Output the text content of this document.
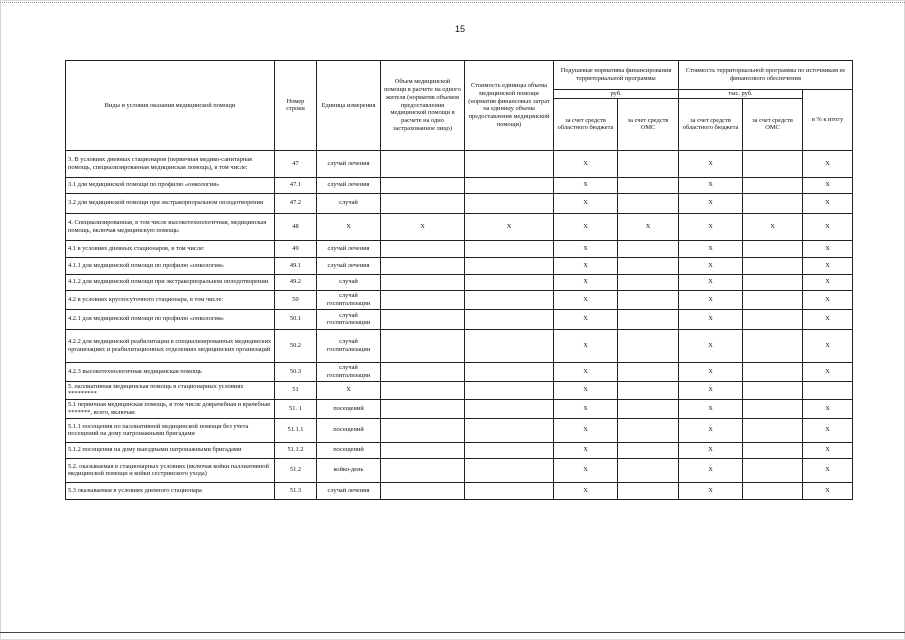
15
Виды и условия оказания медицинской помощи	Номер строки	Единица измерения	Объем медицинской помощи в расчете на одного жителя (норматив объемов предоставления медицинской помощи в расчете на одно застрахованное лицо)	Стоимость единицы объема медицинской помощи (норматив финансовых затрат на единицу объема предоставления медицинской помощи)	Подушевые нормативы финансирования территориальной программы		Стоимость территориальной программы по источникам ее финансового обеспечения		
					руб.		тыс. руб.		в % к итогу
					за счет средств областного бюджета	за счет средств ОМС	за счет средств областного бюджета	за счет средств ОМС	
3. В условиях дневных стационаров (первичная медико-санитарная помощь, специализированная медицинская помощь), в том числе:	47	случай лечения			X		X		X
3.1 для медицинской помощи по профилю «онкология»	47.1	случай лечения			X		X		X
3.2 для медицинской помощи при экстракорпоральном оплодотворении	47.2	случай			X		X		X
4. Специализированная, в том числе высокотехнологичная, медицинская помощь, включая медицинскую помощь:	48	X	X	X	X	X	X	X	X
4.1 в условиях дневных стационаров, в том числе:	49	случай лечения			X		X		X
4.1.1 для медицинской помощи по профилю «онкология»	49.1	случай лечения			X		X		X
4.1.2 для медицинской помощи при экстракорпоральном оплодотворении	49.2	случай			X		X		X
4.2 в условиях круглосуточного стационара, в том числе:	50	случай госпитализации			X		X		X
4.2.1 для медицинской помощи по профилю «онкология»	50.1	случай госпитализации			X		X		X
4.2.2 для медицинской реабилитации в специализированных медицинских организациях и реабилитационных отделениях медицинских организаций	50.2	случай госпитализации			X		X		X
4.2.3 высокотехнологичная медицинская помощь	50.3	случай госпитализации			X		X		X
5. паллиативная медицинская помощь в стационарных условиях *********	51	X			X		X		
5.1 первичная медицинская помощь, в том числе доврачебная и врачебная *******, всего, включая:	51. 1	посещений			X		X		X
5.1.1 посещения по паллиативной медицинской помощи без учета посещений на дому патронажными бригадами	51.1.1	посещений			X		X		X
5.1.2 посещения на дому выездными патронажными бригадами	51.1.2	посещений			X		X		X
5.2. оказываемая в стационарных условиях (включая койки паллиативной медицинской помощи и койки сестринского ухода)	51.2	койко-день			X		X		X
5.3 оказываемая в условиях дневного стационара	51.3	случай лечения			X		X		X
